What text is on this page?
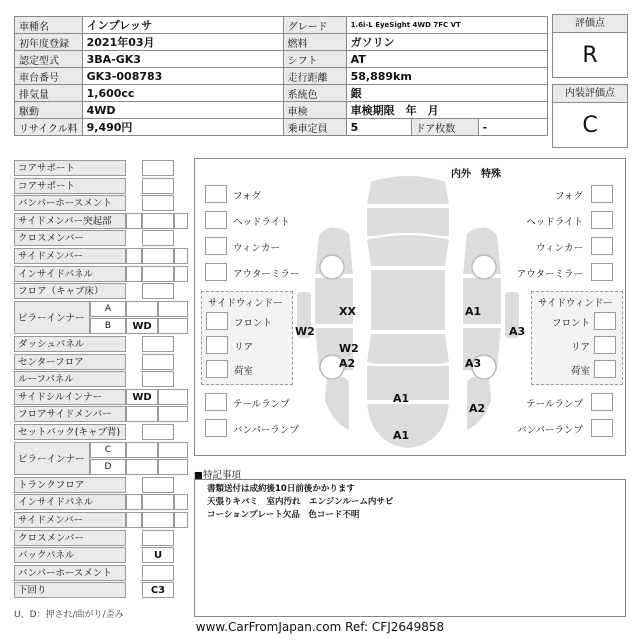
車種名	インプレッサ	グレード	1.6i-L EyeSight 4WD 7FC VT		
初年度登録	2021年03月	燃料	ガソリン		
認定型式	3BA-GK3	シフト	AT		
車台番号	GK3-008783	走行距離	58,889km		
排気量	1,600cc	系統色	銀		
駆動	4WD	車検	車検期限　年　月		
リサイクル料	9,490円	乗車定員	5	ドア枚数	-
評価点
R
内装評価点
C
コアサポート
コアサポート
バンパーホースメント
サイドメンバー突起部
クロスメンバー
サイドメンバー
インサイドパネル
フロア（キャブ床）
ピラーインナー
A
B	WD
ダッシュパネル
センターフロア
ルーフパネル
サイドシルインナー	WD
フロアサイドメンバー
セットバック(キャブ背)
ピラーインナー
C
D
トランクフロア
インサイドパネル
サイドメンバー
クロスメンバー
バックパネル	U
バンパーホースメント
下回り	C3
U、D：押され/曲がり/歪み
内外　特殊
XX
W2
W2
A2
A1
A3
A3
A1
A2
A1
フォグ
ヘッドライト
ウィンカー
アウターミラー
フォグ
ヘッドライト
ウィンカー
アウターミラー
サイドウィンドー
フロント
リア
荷室
サイドウィンドー
フロント
リア
荷室
テールランプ
バンパーランプ
テールランプ
バンパーランプ
■特記事項
書類送付は成約後10日前後かかります
天張りキバミ　室内汚れ　エンジンルーム内サビ
コーションプレート欠品　色コード不明
www.CarFromJapan.com Ref: CFJ2649858
